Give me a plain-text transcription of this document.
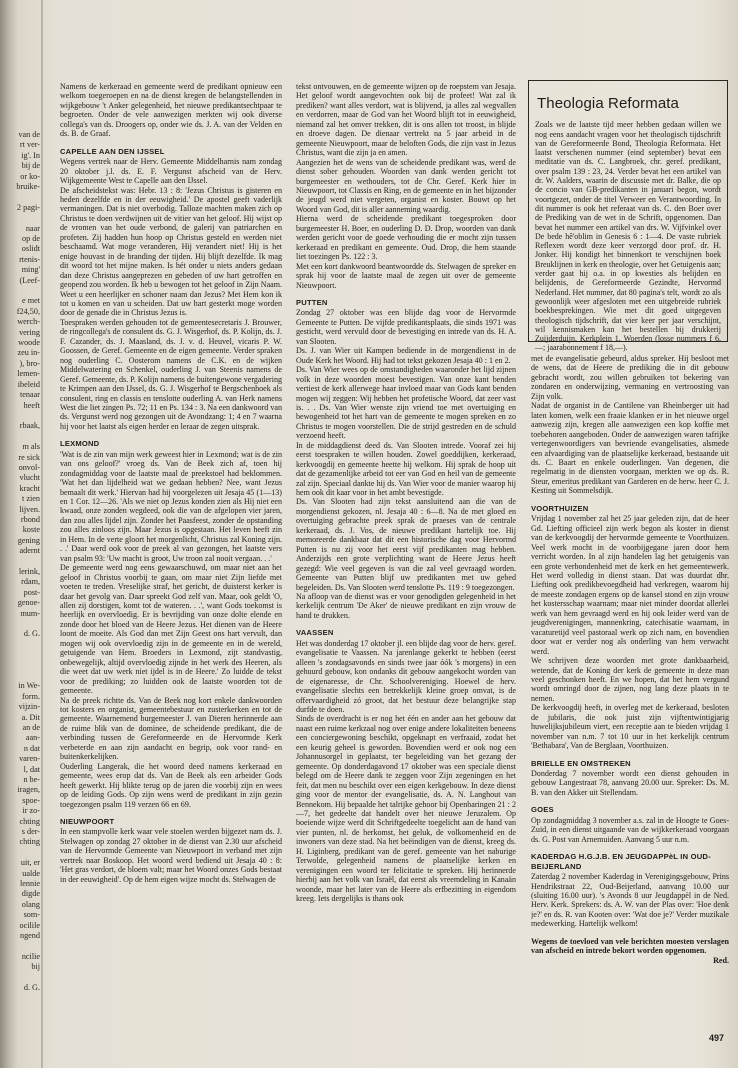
van de
rt ver-
ig'. In
bij de
or ko-
bruike-
2 pagi-
naar
op de
oslidt
rtenis-
ming'
(Leef-
e met
f24,50,
werch-
vering
woode
zeu in-
), bro-
lemen-
ibeleid
tenaar
heeft
rbaak,
m als
re sick
onvol-
vlucht
kracht
t zien
lijven.
rbond
koste
gening
adernt
lerink,
rdam,
post-
genoe-
mum-
d. G.
in We-
form.
vijzin-
a. Dit
an de
aan-
n dat
varen-
l, dat
n be-
iragen,
spoe-
ir zo-
chting
s der-
chting
uit, er
ualde
lennie
digde
olang
som-
ocilile
ngend
ncilie
bij
d. G.

Namens de kerkeraad en gemeente werd de predikant opnieuw een welkom toegeroepen en na de dienst kregen de belangstellenden in wijkgebouw 't Anker gelegenheid, het nieuwe predikantsechtpaar te begroeten. Onder de vele aanwezigen merkten wij ook diverse collega's van ds. Droogers op, onder wie ds. J. A. van der Velden en ds. B. de Graaf.

CAPELLE AAN DEN IJSSEL

Wegens vertrek naar de Herv. Gemeente Middelharnis nam zondag 20 oktober j.l. ds. E. F. Vergunst afscheid van de Herv. Wijkgemeente West te Capelle aan den IJssel.

De afscheidstekst was: Hebr. 13 : 8: 'Jezus Christus is gisteren en heden dezelfde en in der eeuwigheid.' De apostel geeft vaderlijk vermaningen. Dat is niet overbodig. Talloze machten maken zich op Christus te doen verdwijnen uit de vitier van het geloof. Hij wijst op de vromen van het oude verbond, de galerij van patriarchen en profeten. Zij hadden hun hoop op Christus gesteld en werden niet beschaamd. Wat moge veranderen, Hij verandert niet! Hij is het enige houvast in de branding der tijden. Hij blijft dezelfde. Ik mag dit woord tot het mijne maken. Is hét onder u niets anders gedaan dan deze Christus aangeprezen en gebeden of uw hart getroffen en geopend zou worden. Ik heb u bewogen tot het geloof in Zijn Naam. Weet u een heerlijker en schoner naam dan Jezus? Met Hem kon ik tot u komen en van u scheiden. Dat uw hart gesterkt moge worden door de genade die in Christus Jezus is.

Toespraken werden gehouden tot de gemeentesecretaris J. Brouwer, de ringcollega's de consulent ds. G. J. Wisgerhof, ds. P. Kolijn, ds. J. F. Cazander, ds. J. Maasland, ds. J. v. d. Heuvel, vicaris P. W. Goossen, de Geref. Gemeente en de eigen gemeente. Verder spraken nog ouderling C. Oosterom namens de C.K. en de wijken Middelwatering en Schenkel, ouderling J. van Steenis namens de Geref. Gemeente, ds. P. Kolijn namens de buitengewone vergadering te Krimpen aan den IJssel, ds. G. J. Wisgerhof te Bergschenhoek als consulent, ring en classis en tenslotte ouderling A. van Herk namens West die liet zingen Ps. 72; 11 en Ps. 134 : 3. Na een dankwoord van ds. Vergunst werd nog gezongen uit de Avondzang: 1; 4 en 7 waarna hij voor het laatst als eigen herder en leraar de zegen uitsprak.

LEXMOND

'Wat is de zin van mijn werk geweest hier in Lexmond; wat is de zin van ons geloof?' vroeg ds. Van de Beek zich af, toen hij zondagmiddag voor de laatste maal de preekstoel had beklommen. 'Wat het dan lijdelheid wat we gedaan hebben? Nee, want Jezus bemaalt dit werk.' Hiervan had hij voorgelezen uit Jesaja 45 (1—13) en 1 Cor. 12—26. 'Als we niet op Jezus konden zien als Hij niet een kwaad, onze zonden wegdeed, ook die van de afgelopen vier jaren, dan zou alles lijdel zijn. Zonder het Paasfeest, zonder de opstanding zou alles zinloos zijn. Maar Jezus is opgestaan. Het leven heeft zin in Hem. In de verte gloort het morgenlicht, Christus zal Koning zijn. . .' Daar werd ook voor de preek al van gezongen, het laatste vers van psalm 93: 'Uw macht is groot, Uw troon zal nooit vergaan. . .'

De gemeente werd nog eens gewaarschuwd, om maar niet aan het geloof in Christus voorbij te gaan, om maar niet Zijn liefde met voeten te treden. Vreselijke straf, het gericht, de duisterst kerker is daar het gevolg van. Daar spreekt God zelf van. Maar, ook geldt 'O, allen zij dorstigen, komt tot de wateren. . .', want Gods toekomst is heerlijk en overvloedig. Er is bevrijding van onze dolte elende en zonde door het bloed van de Heere Jezus. Het dienen van de Heere loont de moeite. Als God dan met Zijn Geest ons hart vervult, dan mogen wij ook overvloedig zijn in de gemeente en in de wereld, getuigende van Hem. Broeders in Lexmond, zijt standvastig, onbewegelijk, altijd overvloedig zijnde in het werk des Heeren, als die weet dat uw werk niet ijdel is in de Heere.' Zo luidde de tekst voor de prediking; zo luidden ook de laatste woorden tot de gemeente.

Na de preek richtte ds. Van de Beek nog kort enkele dankwoorden tot kosters en organist, gemeentebestuur en zusterkerken en tot de gemeente. Waarnemend burgemeester J. van Dieren herinnerde aan de ruime blik van de dominee, de scheidende predikant, die de verbinding tussen de Gereformeerde en de Hervormde Kerk verbeterde en aan zijn aandacht en begrip, ook voor rand- en buitenkerkelijken.

Ouderling Langerak, die het woord deed namens kerkeraad en gemeente, wees erop dat ds. Van de Beek als een arbeider Gods heeft gewerkt. Hij blikte terug op de jaren die voorbij zijn en wees op de leiding Gods. Op zijn wens werd de predikant in zijn gezin toegezongen psalm 119 verzen 66 en 69.

NIEUWPOORT

In een stampvolle kerk waar vele stoelen werden bijgezet nam ds. J. Stelwagen op zondag 27 oktober in de dienst van 2.30 uur afscheid van de Hervormde Gemeente van Nieuwpoort in verband met zijn vertrek naar Boskoop. Het woord werd bediend uit Jesaja 40 : 8: 'Het gras verdort, de bloem valt; maar het Woord onzes Gods bestaat in der eeuwigheid'. Op de hem eigen wijze mocht ds. Stelwagen de

tekst ontvouwen, en de gemeente wijzen op de roepstem van Jesaja. Het geloof wordt aangevochten ook bij de profeet! Wat zal ik prediken? want alles verdort, wat is blijvend, ja alles zal wegvallen en verdorren, maar de God van het Woord blijft tot in eeuwigheid, niemand zal het omver trekken, dit is ons allen tot troost, in blijde en droeve dagen. De dienaar vertrekt na 5 jaar arbeid in de gemeente Nieuwpoort, maar de beloften Gods, die zijn vast in Jezus Christus, want die zijn ja en amen.

Aangezien het de wens van de scheidende predikant was, werd de dienst sober gehouden. Woorden van dank werden gericht tot burgemeester en wethouders, tot de Chr. Geref. Kerk hier in Nieuwpoort, tot Classis en Ring, en de gemeente en in het bijzonder de jeugd werd niet vergeten, organist en koster. Bouwt op het Woord van God, dit is aller aanneming waardig.

Hierna werd de scheidende predikant toegesproken door burgemeester H. Boer, en ouderling D. D. Drop, woorden van dank werden gericht voor de goede verhouding die er mocht zijn tussen kerkeraad en predikant en gemeente. Oud. Drop, die hem staande liet toezingen Ps. 122 : 3.

Met een kort dankwoord beantwoordde ds. Stelwagen de spreker en sprak hij voor de laatste maal de zegen uit over de gemeente Nieuwpoort.

PUTTEN

Zondag 27 oktober was een blijde dag voor de Hervormde Gemeente te Putten. De vijfde predikantsplaats, die sinds 1971 was gesticht, werd vervuld door de bevestiging en intrede van ds. H. A. van Slooten.

Ds. J. van Wier uit Kampen bediende in de morgendienst in de Oude Kerk het Woord. Hij had tot tekst gekozen Jesaja 40 : 1 en 2.

Ds. Van Wier wees op de omstandigheden waaronder het lijd zijnen volk in deze woorden moest bevestigen. Van onze kant benden vertiest de kerk allerwege haar invloed maar van Gods kant benden mogen wij zeggen: Wij hebben het profetische Woord, dat zeer vast is. . . Ds. Van Wier wenste zijn vriend toe met overtuiging en bewogenheid tot het hart van de gemeente te mogen spreken en zo Christus te mogen voorstellen. Die de strijd gestreden en de schuld verzoend heeft.

In de middagdienst deed ds. Van Slooten intrede. Vooraf zei hij eerst toespraken te willen houden. Zowel goeddijken, kerkeraad, kerkvoogdij en gemeente heette hij welkom. Hij sprak de hoop uit dat de gezamenlijke arbeid tot eer van God en heil van de gemeente zal zijn. Speciaal dankte hij ds. Van Wier voor de manier waarop hij hem ook dit kaar voor in het ambt bevestigde.

Ds. Van Slooten had zijn tekst aansluitend aan die van de morgendienst gekozen, nl. Jesaja 40 : 6—8. Na de met gloed en overtuiging gebrachte preek sprak de praeses van de centrale kerkeraad, ds. J. Vos, de nieuwe predikant hartelijk toe. Hij memoreerde dankbaar dat dit een historische dag voor Hervormd Putten is nu zij voor het eerst vijf predikanten mag hebben. Anderzijds een grote verplichting want de Heere Jezus heeft gezegd: Wie veel gegeven is van die zal veel gevraagd worden. Gemeente van Putten blijf uw predikanten met uw gebed begeleiden. Ds. Van Slooten werd tenslotte Ps. 119 : 9 toegezongen.

Na afloop van de dienst was er voor genodigden gelegenheid in het kerkelijk centrum 'De Aker' de nieuwe predikant en zijn vrouw de hand te drukken.

VAASSEN

Het was donderdag 17 oktober jl. een blijde dag voor de herv. geref. evangelisatie te Vaassen. Na jarenlange gekerkt te hebben (eerst alleen 's zondagsavonds en sinds twee jaar óók 's morgens) in een gehuurd gebouw, kon ondanks dit gebouw aangekocht worden van de eigenaresse, de Chr. Schoolvereniging. Hoewel de herv. evangelisatie slechts een betrekkelijk kleine groep omvat, is de offervaardigheid zó groot, dat het bestuur deze belangrijke stap durfde te doen.

Sinds de overdracht is er nog het één en ander aan het gebouw dat naast een ruime kerkzaal nog over enige andere lokaliteiten beneens een conciergewoning beschikt, opgeknapt en verfraaid, zodat het een keurig geheel is geworden. Bovendien werd er ook nog een Johannusorgel in geplaatst, ter begeleiding van het gezang der gemeente. Op donderdagavond 17 oktober was een speciale dienst belegd om de Heere dank te zeggen voor Zijn zegeningen en het feit, dat men nu beschikt over een eigen kerkgebouw. In deze dienst ging voor de mentor der evangelisatie, ds. A. N. Langhout van Bennekom. Hij bepaalde het talrijke gehoor bij Openbaringen 21 : 2—7, het gedeelte dat handelt over het nieuwe Jeruzalem. Op boeiende wijze werd dit Schriftgedeelte toegelicht aan de hand van vier punten, nl. de herkomst, het geluk, de volkomenheid en de inwoners van deze stad. Na het beëindigen van de dienst, kreeg ds. H. Liginberg, predikant van de geref. gemeente van het naburige Terwolde, gelegenheid namens de plaatselijke kerken en verenigingen een woord ter felicitatie te spreken. Hij herinnerde hierbij aan het volk van Israël, dat eerst als vreemdeling in Kanaän woonde, maar het later van de Heere als erfbezitting in eigendom kreeg. Iets dergelijks is thans ook

Theologia Reformata

Zoals we de laatste tijd meer hebben gedaan willen we nog eens aandacht vragen voor het theologisch tijdschrift van de Gereformeerde Bond, Theologia Reformata. Het laatst verschenen nummer (eind september) bevat een meditatie van ds. C. Langbroek, chr. geref. predikant, over psalm 139 : 23, 24. Verder bevat het een artikel van dr. W. Aalders, waarin de discussie met dr. Balke, die op de concio van GB-predikanten in januari begon, wordt voortgezet, onder de titel Verweer en Verantwoording. In dit nummer is ook het referaat van ds. C. den Boer over de Prediking van de wet in de Schrift, opgenomen. Dan bevat het nummer een artikel van drs. W. Vijfvinkel over De bede hê'oblim in Genesis 6 : 1—4. De vaste rubriek Reflexen wordt deze keer verzorgd door prof. dr. H. Jonker. Hij kondigt het binnenkort te verschijnen boek Breuklijnen in kerk en theologie, over het Getuigenis aan; verder gaat hij o.a. in op kwesties als belijden en belijdenis, de Gereformeerde Gezindte, Hervormd Nederland. Het nummer, dat 80 pagina's telt, wordt zo als gewoonlijk weer afgesloten met een uitgebreide rubriek boekbesprekingen. Wie met dit goed uitgegeven theologisch tijdschrift, dat vier keer per jaar verschijnt, wil kennismaken kan het bestellen bij drukkerij Zuijderduijn, Kerkplein 1, Woerden (losse nummers f 6,—; jaarabonnement f 18,—).

met de evangelisatie gebeurd, aldus spreker. Hij besloot met de wens, dat de Heere de prediking die in dit gebouw gebracht wordt, zou willen gebruiken tot bekering van zondaren en onderwijzing, vermaning en vertroosting van Zijn volk.

Nadat de organist in de Cantilene van Rheinberger uit had laten komen, welk een fraaie klanken er in het nieuwe orgel aanwezig zijn, kregen alle aanwezigen een kop koffie met toebehoren aangeboden. Onder de aanwezigen waren tafrijke vertegenwoordigers van bevriende evangelisaties, alsmede een afvaardiging van de plaatselijke kerkeraad, bestaande uit ds. C. Baart en enkele ouderlingen. Van degenen, die regelmatig in de diensten voorgaan, merkten we op ds. R. Steur, emeritus predikant van Garderen en de herw. heer C. J. Kesting uit Sommelsdijk.

VOORTHUIZEN

Vrijdag 1 november zal het 25 jaar geleden zijn, dat de heer Gd. Liefting officieel zijn werk begon als koster in dienst van de kerkvoogdij der hervormde gemeente te Voorthuizen. Veel werk mocht in de voorbijgegane jaren door hem verricht worden. In al zijn handelen lag het getuigenis van een grote verbondenheid met de kerk en het gemeentewerk. Het werd volledig in dienst staan. Dat was duurdat dhr. Liefting ook predikbevoegdheid had verkregen, waarom hij de meeste zondagen ergens op de kansel stond en zijn vrouw het kostersschap waarnam; maar niet minder doordat allerlei werk van hem gevraagd werd en hij ook leider werd van de jeugdverenigingen, mannenkring, catechisatie waarnam, in vacaturetijd veel pastoraal werk op zich nam, en bovendien door wat er verder nog als onderling van hem verwacht werd.

We schrijven deze woorden met grote dankbaarheid, wetende, dat de Koning der kerk de gemeente in deze man veel geschonken heeft. En we hopen, dat het hem vergund wordt omringd door de zijnen, nog lang deze plaats in te nemen.

De kerkvoogdij heeft, in overleg met de kerkeraad, besloten de jubilaris, die ook juist zijn vijftentwintigjarig huwelijksjubileum viert, een receptie aan te bieden vrijdag 1 november van n.m. 7 tot 10 uur in het kerkelijk centrum 'Bethabara', Van de Berglaan, Voorthuizen.

BRIELLE EN OMSTREKEN

Donderdag 7 november wordt een dienst gehouden in gebouw Langestraat 78, aanvang 20.00 uur. Spreker: Ds. M. B. van den Akker uit Stellendam.

GOES

Op zondagmiddag 3 november a.s. zal in de Hoogte te Goes-Zuid, in een dienst uitgaande van de wijkkerkeraad voorgaan ds. G. Post van Arnemuiden. Aanvang 5 uur n.m.

KADERDAG H.G.J.B. EN JEUGDAPPèL IN OUD-BEIJERLAND

Zaterdag 2 november Kaderdag in Verenigingsgebouw, Prins Hendrikstraat 22, Oud-Beijerland, aanvang 10.00 uur (sluiting 16.00 uur). 's Avonds 8 uur Jeugdappèl in de Ned. Herv. Kerk. Sprekers: ds. A. W. van der Plas over: 'Hoe denk je?' en ds. R. van Kooten over: 'Wat doe je?' Verder muzikale medewerking. Hartelijk welkom!

Wegens de toevloed van vele berichten moesten verslagen van afscheid en intrede bekort worden opgenomen.

Red.

497
